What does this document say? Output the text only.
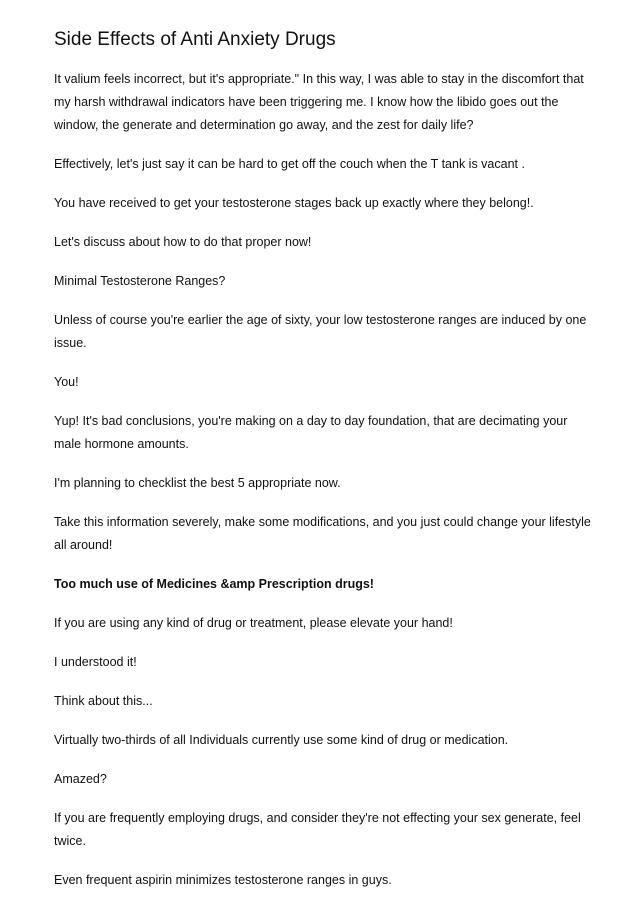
Side Effects of Anti Anxiety Drugs

It valium feels incorrect, but it's appropriate." In this way, I was able to stay in the discomfort that my harsh withdrawal indicators have been triggering me. I know how the libido goes out the window, the generate and determination go away, and the zest for daily life?

Effectively, let's just say it can be hard to get off the couch when the T tank is vacant .

You have received to get your testosterone stages back up exactly where they belong!.

Let's discuss about how to do that proper now!

Minimal Testosterone Ranges?

Unless of course you're earlier the age of sixty, your low testosterone ranges are induced by one issue.

You!

Yup! It's bad conclusions, you're making on a day to day foundation, that are decimating your male hormone amounts.

I'm planning to checklist the best 5 appropriate now.

Take this information severely, make some modifications, and you just could change your lifestyle all around!

Too much use of Medicines &amp Prescription drugs!

If you are using any kind of drug or treatment, please elevate your hand!

I understood it!

Think about this...

Virtually two-thirds of all Individuals currently use some kind of drug or medication.

Amazed?

If you are frequently employing drugs, and consider they're not effecting your sex generate, feel twice.

Even frequent aspirin minimizes testosterone ranges in guys.
